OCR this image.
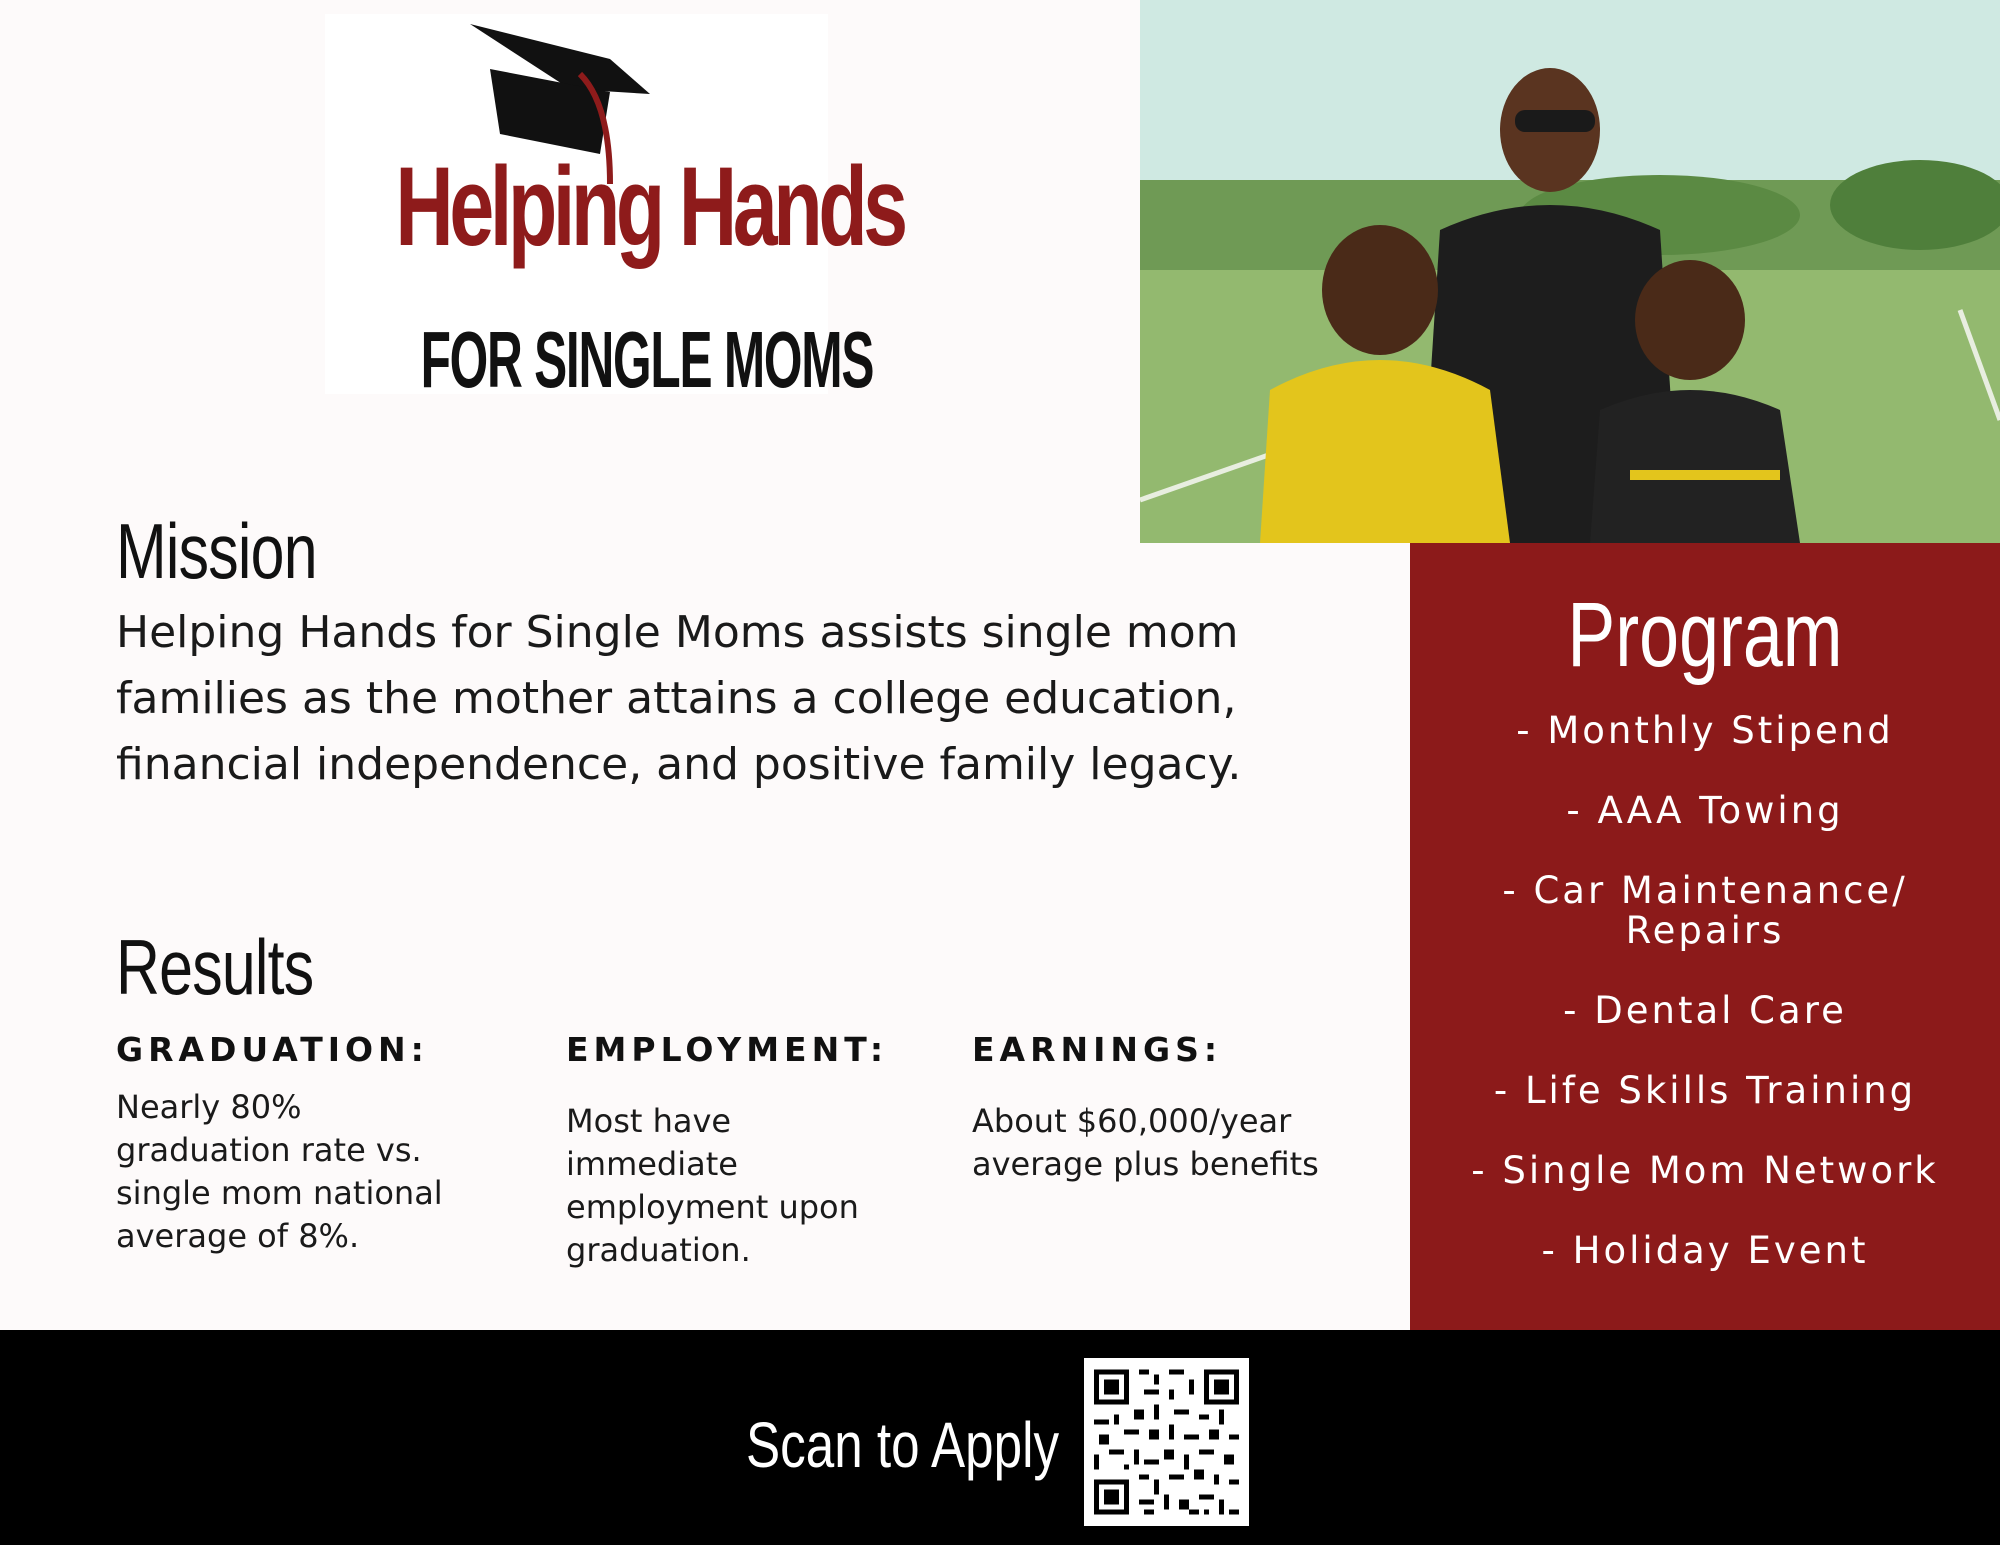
Helping Hands
FOR SINGLE MOMS
Mission
Helping Hands for Single Moms assists single mom families as the mother attains a college education, financial independence, and positive family legacy.
Results
GRADUATION:
Nearly 80% graduation rate vs. single mom national average of 8%.
EMPLOYMENT:
Most have immediate employment upon graduation.
EARNINGS:
About $60,000/year average plus benefits
Program
- Monthly Stipend
- AAA Towing
- Car Maintenance/ Repairs
- Dental Care
- Life Skills Training
- Single Mom Network
- Holiday Event
Scan to Apply
